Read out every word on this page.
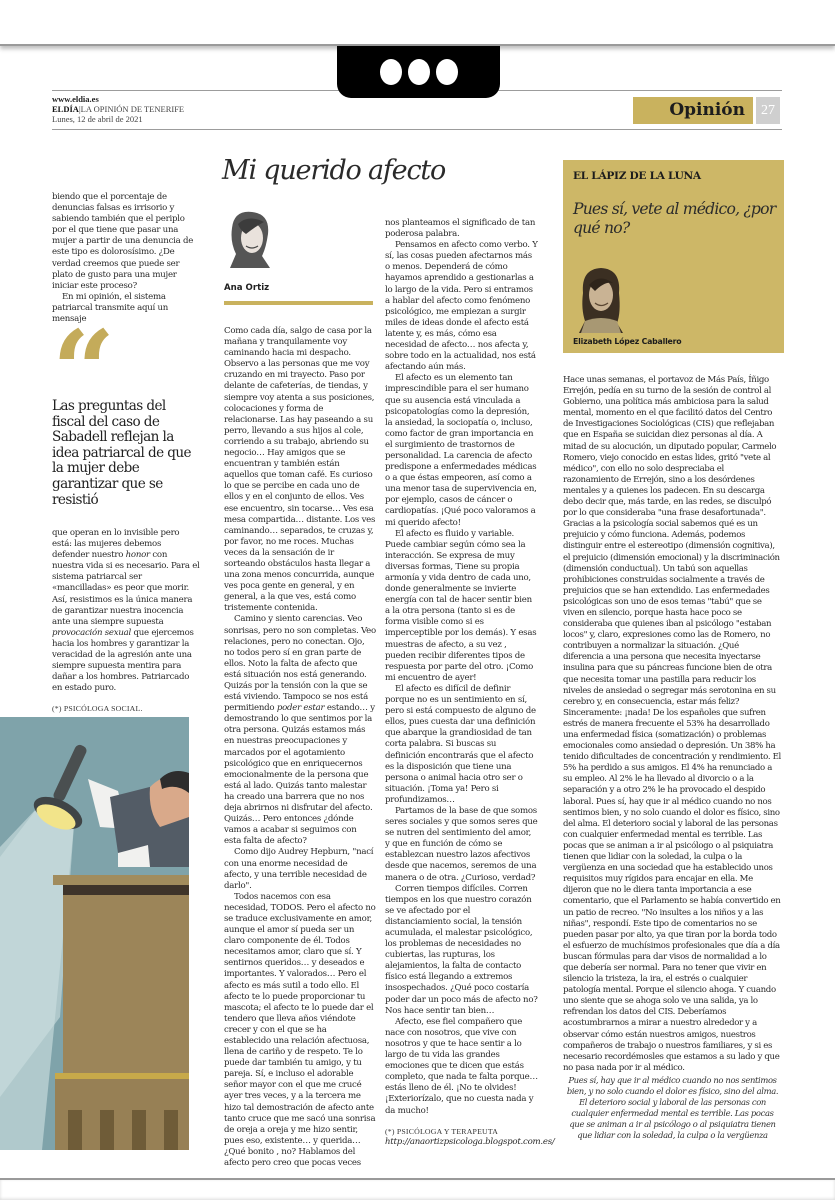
www.eldia.es
ELDÍA|LA OPINIÓN DE TENERIFE
Lunes, 12 de abril de 2021	Opinión	27

biendo que el porcentaje de denuncias falsas es irrisorio y sabiendo también que el periplo por el que tiene que pasar una mujer a partir de una denuncia de este tipo es dolorosísimo. ¿De verdad creemos que puede ser plato de gusto para una mujer iniciar este proceso?

En mi opinión, el sistema patriarcal transmite aquí un mensaje

Las preguntas del fiscal del caso de Sabadell reflejan la idea patriarcal de que la mujer debe garantizar que se resistió

que operan en lo invisible pero está: las mujeres debemos defender nuestro honor con nuestra vida si es necesario. Para el sistema patriarcal ser «mancilladas» es peor que morir. Así, resistimos es la única manera de garantizar nuestra inocencia ante una siempre supuesta provocación sexual que ejercemos hacia los hombres y garantizar la veracidad de la agresión ante una siempre supuesta mentira para dañar a los hombres. Patriarcado en estado puro.

(*) PSICÓLOGA SOCIAL.

Mi querido afecto
Ana Ortiz

Como cada día, salgo de casa por la mañana y tranquilamente voy caminando hacia mi despacho. Observo a las personas que me voy cruzando en mi trayecto. Paso por delante de cafeterías, de tiendas, y siempre voy atenta a sus posiciones, colocaciones y forma de relacionarse. Las hay paseando a su perro, llevando a sus hijos al cole, corriendo a su trabajo, abriendo su negocio… Hay amigos que se encuentran y también están aquellos que toman café. Es curioso lo que se percibe en cada uno de ellos y en el conjunto de ellos. Ves ese encuentro, sin tocarse… Ves esa mesa compartida… distante. Los ves caminando… separados, te cruzas y, por favor, no me roces. Muchas veces da la sensación de ir sorteando obstáculos hasta llegar a una zona menos concurrida, aunque ves poca gente en general, y en general, a la que ves, está como tristemente contenida.

Camino y siento carencias. Veo sonrisas, pero no son completas. Veo relaciones, pero no conectan. Ojo, no todos pero sí en gran parte de ellos. Noto la falta de afecto que está situación nos está generando. Quizás por la tensión con la que se está viviendo. Tampoco se nos está permitiendo poder estar estando… y demostrando lo que sentimos por la otra persona. Quizás estamos más en nuestras preocupaciones y marcados por el agotamiento psicológico que en enriquecernos emocionalmente de la persona que está al lado. Quizás tanto malestar ha creado una barrera que no nos deja abrirnos ni disfrutar del afecto. Quizás… Pero entonces ¿dónde vamos a acabar si seguimos con esta falta de afecto?

Como dijo Audrey Hepburn, "nací con una enorme necesidad de afecto, y una terrible necesidad de darlo".

Todos nacemos con esa necesidad, TODOS. Pero el afecto no se traduce exclusivamente en amor, aunque el amor sí pueda ser un claro componente de él. Todos necesitamos amor, claro que sí. Y sentirnos queridos… y deseados e importantes. Y valorados… Pero el afecto es más sutil a todo ello. El afecto te lo puede proporcionar tu mascota; el afecto te lo puede dar el tendero que lleva años viéndote crecer y con el que se ha establecido una relación afectuosa, llena de cariño y de respeto. Te lo puede dar también tu amigo, y tu pareja. Sí, e incluso el adorable señor mayor con el que me crucé ayer tres veces, y a la tercera me hizo tal demostración de afecto ante tanto cruce que me sacó una sonrisa de oreja a oreja y me hizo sentir, pues eso, existente… y querida… ¿Qué bonito , no? Hablamos del afecto pero creo que pocas veces

nos planteamos el significado de tan poderosa palabra.

Pensamos en afecto como verbo. Y sí, las cosas pueden afectarnos más o menos. Dependerá de cómo hayamos aprendido a gestionarlas a lo largo de la vida. Pero si entramos a hablar del afecto como fenómeno psicológico, me empiezan a surgir miles de ideas donde el afecto está latente y, es más, cómo esa necesidad de afecto… nos afecta y, sobre todo en la actualidad, nos está afectando aún más.

El afecto es un elemento tan imprescindible para el ser humano que su ausencia está vinculada a psicopatologías como la depresión, la ansiedad, la sociopatía o, incluso, como factor de gran importancia en el surgimiento de trastornos de personalidad. La carencia de afecto predispone a enfermedades médicas o a que éstas empeoren, así como a una menor tasa de supervivencia en, por ejemplo, casos de cáncer o cardiopatías. ¡Qué poco valoramos a mi querido afecto!

El afecto es fluido y variable. Puede cambiar según cómo sea la interacción. Se expresa de muy diversas formas, Tiene su propia armonía y vida dentro de cada uno, donde generalmente se invierte energía con tal de hacer sentir bien a la otra persona (tanto si es de forma visible como si es imperceptible por los demás). Y esas muestras de afecto, a su vez , pueden recibir diferentes tipos de respuesta por parte del otro. ¡Como mi encuentro de ayer!

El afecto es difícil de definir porque no es un sentimiento en sí, pero si está compuesto de alguno de ellos, pues cuesta dar una definición que abarque la grandiosidad de tan corta palabra. Si buscas su definición encontrarás que el afecto es la disposición que tiene una persona o animal hacia otro ser o situación. ¡Toma ya! Pero si profundizamos…

Partamos de la base de que somos seres sociales y que somos seres que se nutren del sentimiento del amor, y que en función de cómo se establezcan nuestro lazos afectivos desde que nacemos, seremos de una manera o de otra. ¿Curioso, verdad?

Corren tiempos difíciles. Corren tiempos en los que nuestro corazón se ve afectado por el distanciamiento social, la tensión acumulada, el malestar psicológico, los problemas de necesidades no cubiertas, las rupturas, los alejamientos, la falta de contacto físico está llegando a extremos insospechados. ¿Qué poco costaría poder dar un poco más de afecto no? Nos hace sentir tan bien…

Afecto, ese fiel compañero que nace con nosotros, que vive con nosotros y que te hace sentir a lo largo de tu vida las grandes emociones que te dicen que estás completo, que nada te falta porque… estás lleno de él. ¡No te olvides! ¡Exteriorízalo, que no cuesta nada y da mucho!

(*) PSICÓLOGA Y TERAPEUTA

http://anaortizpsicologa.blogspot.com.es/

EL LÁPIZ DE LA LUNA
Pues sí, vete al médico, ¿por qué no?
Elizabeth López Caballero

Hace unas semanas, el portavoz de Más País, Íñigo Errejón, pedía en su turno de la sesión de control al Gobierno, una política más ambiciosa para la salud mental, momento en el que facilitó datos del Centro de Investigaciones Sociológicas (CIS) que reflejaban que en España se suicidan diez personas al día. A mitad de su alocución, un diputado popular, Carmelo Romero, viejo conocido en estas lides, gritó "vete al médico", con ello no solo despreciaba el razonamiento de Errejón, sino a los desórdenes mentales y a quienes los padecen. En su descarga debo decir que, más tarde, en las redes, se disculpó por lo que consideraba "una frase desafortunada". Gracias a la psicología social sabemos qué es un prejuicio y cómo funciona. Además, podemos distinguir entre el estereotipo (dimensión cognitiva), el prejuicio (dimensión emocional) y la discriminación (dimensión conductual). Un tabú son aquellas prohibiciones construidas socialmente a través de prejuicios que se han extendido. Las enfermedades psicológicas son uno de esos temas "tabú" que se viven en silencio, porque hasta hace poco se consideraba que quienes iban al psicólogo "estaban locos" y, claro, expresiones como las de Romero, no contribuyen a normalizar la situación. ¿Qué diferencia a una persona que necesita inyectarse insulina para que su páncreas funcione bien de otra que necesita tomar una pastilla para reducir los niveles de ansiedad o segregar más serotonina en su cerebro y, en consecuencia, estar más feliz? Sinceramente: ¡nada! De los españoles que sufren estrés de manera frecuente el 53% ha desarrollado una enfermedad física (somatización) o problemas emocionales como ansiedad o depresión. Un 38% ha tenido dificultades de concentración y rendimiento. El 5% ha perdido a sus amigos. El 4% ha renunciado a su empleo. Al 2% le ha llevado al divorcio o a la separación y a otro 2% le ha provocado el despido laboral. Pues sí, hay que ir al médico cuando no nos sentimos bien, y no solo cuando el dolor es físico, sino del alma. El deterioro social y laboral de las personas con cualquier enfermedad mental es terrible. Las pocas que se animan a ir al psicólogo o al psiquiatra tienen que lidiar con la soledad, la culpa o la vergüenza en una sociedad que ha establecido unos requisitos muy rígidos para encajar en ella. Me dijeron que no le diera tanta importancia a ese comentario, que el Parlamento se había convertido en un patio de recreo. "No insultes a los niños y a las niñas", respondí. Este tipo de comentarios no se pueden pasar por alto, ya que tiran por la borda todo el esfuerzo de muchísimos profesionales que día a día buscan fórmulas para dar visos de normalidad a lo que debería ser normal. Para no tener que vivir en silencio la tristeza, la ira, el estrés o cualquier patología mental. Porque el silencio ahoga. Y cuando uno siente que se ahoga solo ve una salida, ya lo refrendan los datos del CIS. Deberíamos acostumbrarnos a mirar a nuestro alrededor y a observar cómo están nuestros amigos, nuestros compañeros de trabajo o nuestros familiares, y si es necesario recordémosles que estamos a su lado y que no pasa nada por ir al médico.

Pues sí, hay que ir al médico cuando no nos sentimos bien, y no solo cuando el dolor es físico, sino del alma. El deterioro social y laboral de las personas con cualquier enfermedad mental es terrible. Las pocas que se animan a ir al psicólogo o al psiquiatra tienen que lidiar con la soledad, la culpa o la vergüenza
